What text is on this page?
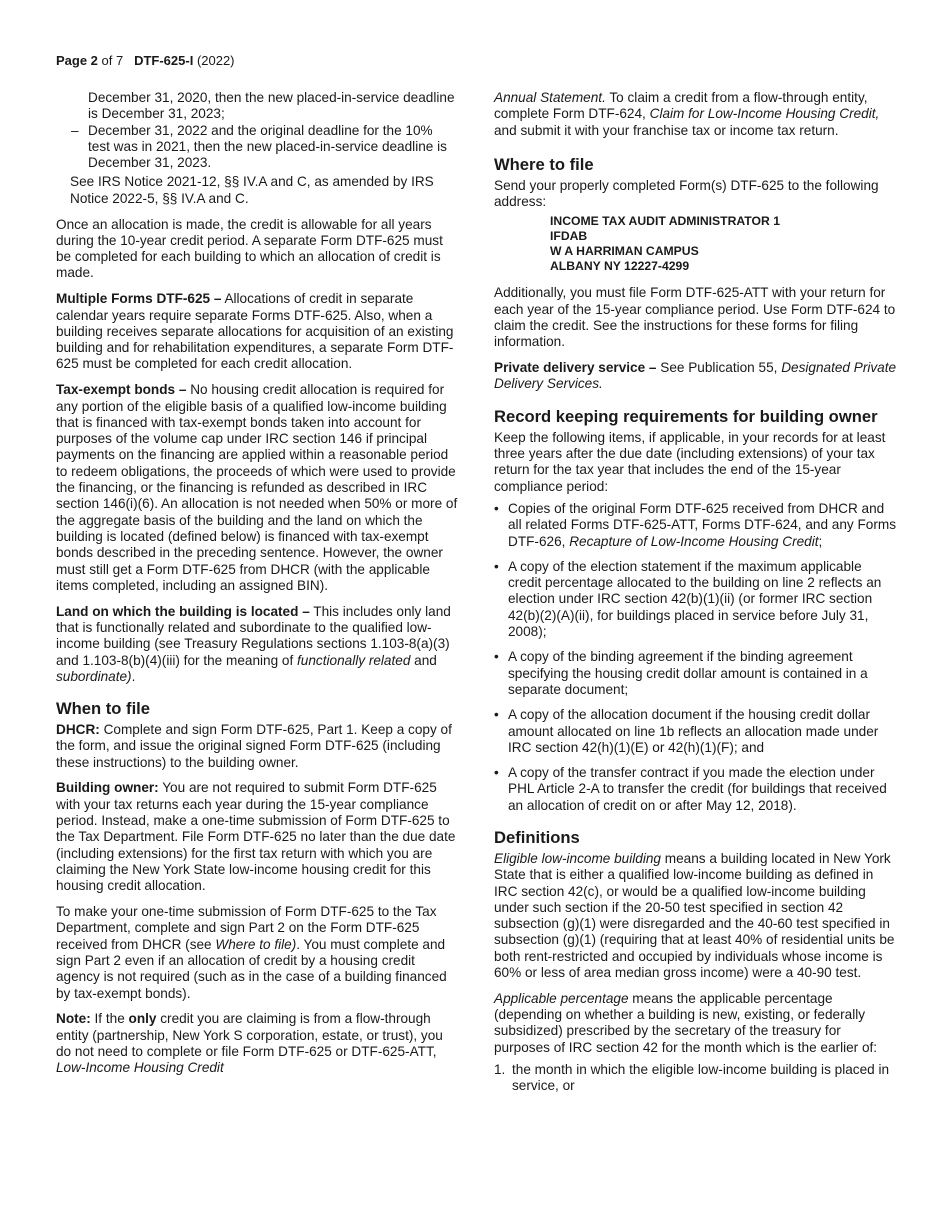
Page 2 of 7 DTF-625-I (2022)

December 31, 2020, then the new placed-in-service deadline is December 31, 2023;

– December 31, 2022 and the original deadline for the 10% test was in 2021, then the new placed-in-service deadline is December 31, 2023.

See IRS Notice 2021-12, §§ IV.A and C, as amended by IRS Notice 2022-5, §§ IV.A and C.

Once an allocation is made, the credit is allowable for all years during the 10-year credit period. A separate Form DTF-625 must be completed for each building to which an allocation of credit is made.

Multiple Forms DTF-625 – Allocations of credit in separate calendar years require separate Forms DTF-625. Also, when a building receives separate allocations for acquisition of an existing building and for rehabilitation expenditures, a separate Form DTF-625 must be completed for each credit allocation.

Tax-exempt bonds – No housing credit allocation is required for any portion of the eligible basis of a qualified low-income building that is financed with tax-exempt bonds taken into account for purposes of the volume cap under IRC section 146 if principal payments on the financing are applied within a reasonable period to redeem obligations, the proceeds of which were used to provide the financing, or the financing is refunded as described in IRC section 146(i)(6). An allocation is not needed when 50% or more of the aggregate basis of the building and the land on which the building is located (defined below) is financed with tax-exempt bonds described in the preceding sentence. However, the owner must still get a Form DTF-625 from DHCR (with the applicable items completed, including an assigned BIN).

Land on which the building is located – This includes only land that is functionally related and subordinate to the qualified low-income building (see Treasury Regulations sections 1.103-8(a)(3) and 1.103-8(b)(4)(iii) for the meaning of functionally related and subordinate).

When to file

DHCR: Complete and sign Form DTF-625, Part 1. Keep a copy of the form, and issue the original signed Form DTF-625 (including these instructions) to the building owner.

Building owner: You are not required to submit Form DTF-625 with your tax returns each year during the 15-year compliance period. Instead, make a one-time submission of Form DTF-625 to the Tax Department. File Form DTF-625 no later than the due date (including extensions) for the first tax return with which you are claiming the New York State low-income housing credit for this housing credit allocation.

To make your one-time submission of Form DTF-625 to the Tax Department, complete and sign Part 2 on the Form DTF-625 received from DHCR (see Where to file). You must complete and sign Part 2 even if an allocation of credit by a housing credit agency is not required (such as in the case of a building financed by tax-exempt bonds).

Note: If the only credit you are claiming is from a flow-through entity (partnership, New York S corporation, estate, or trust), you do not need to complete or file Form DTF-625 or DTF-625-ATT, Low-Income Housing Credit

Annual Statement. To claim a credit from a flow-through entity, complete Form DTF-624, Claim for Low-Income Housing Credit, and submit it with your franchise tax or income tax return.

Where to file

Send your properly completed Form(s) DTF-625 to the following address:

INCOME TAX AUDIT ADMINISTRATOR 1
IFDAB
W A HARRIMAN CAMPUS
ALBANY NY 12227-4299

Additionally, you must file Form DTF-625-ATT with your return for each year of the 15-year compliance period. Use Form DTF-624 to claim the credit. See the instructions for these forms for filing information.

Private delivery service – See Publication 55, Designated Private Delivery Services.

Record keeping requirements for building owner

Keep the following items, if applicable, in your records for at least three years after the due date (including extensions) of your tax return for the tax year that includes the end of the 15-year compliance period:

• Copies of the original Form DTF-625 received from DHCR and all related Forms DTF-625-ATT, Forms DTF-624, and any Forms DTF-626, Recapture of Low-Income Housing Credit;
• A copy of the election statement if the maximum applicable credit percentage allocated to the building on line 2 reflects an election under IRC section 42(b)(1)(ii) (or former IRC section 42(b)(2)(A)(ii), for buildings placed in service before July 31, 2008);
• A copy of the binding agreement if the binding agreement specifying the housing credit dollar amount is contained in a separate document;
• A copy of the allocation document if the housing credit dollar amount allocated on line 1b reflects an allocation made under IRC section 42(h)(1)(E) or 42(h)(1)(F); and
• A copy of the transfer contract if you made the election under PHL Article 2-A to transfer the credit (for buildings that received an allocation of credit on or after May 12, 2018).
Definitions

Eligible low-income building means a building located in New York State that is either a qualified low-income building as defined in IRC section 42(c), or would be a qualified low-income building under such section if the 20-50 test specified in section 42 subsection (g)(1) were disregarded and the 40-60 test specified in subsection (g)(1) (requiring that at least 40% of residential units be both rent-restricted and occupied by individuals whose income is 60% or less of area median gross income) were a 40-90 test.

Applicable percentage means the applicable percentage (depending on whether a building is new, existing, or federally subsidized) prescribed by the secretary of the treasury for purposes of IRC section 42 for the month which is the earlier of:

1. the month in which the eligible low-income building is placed in service, or
